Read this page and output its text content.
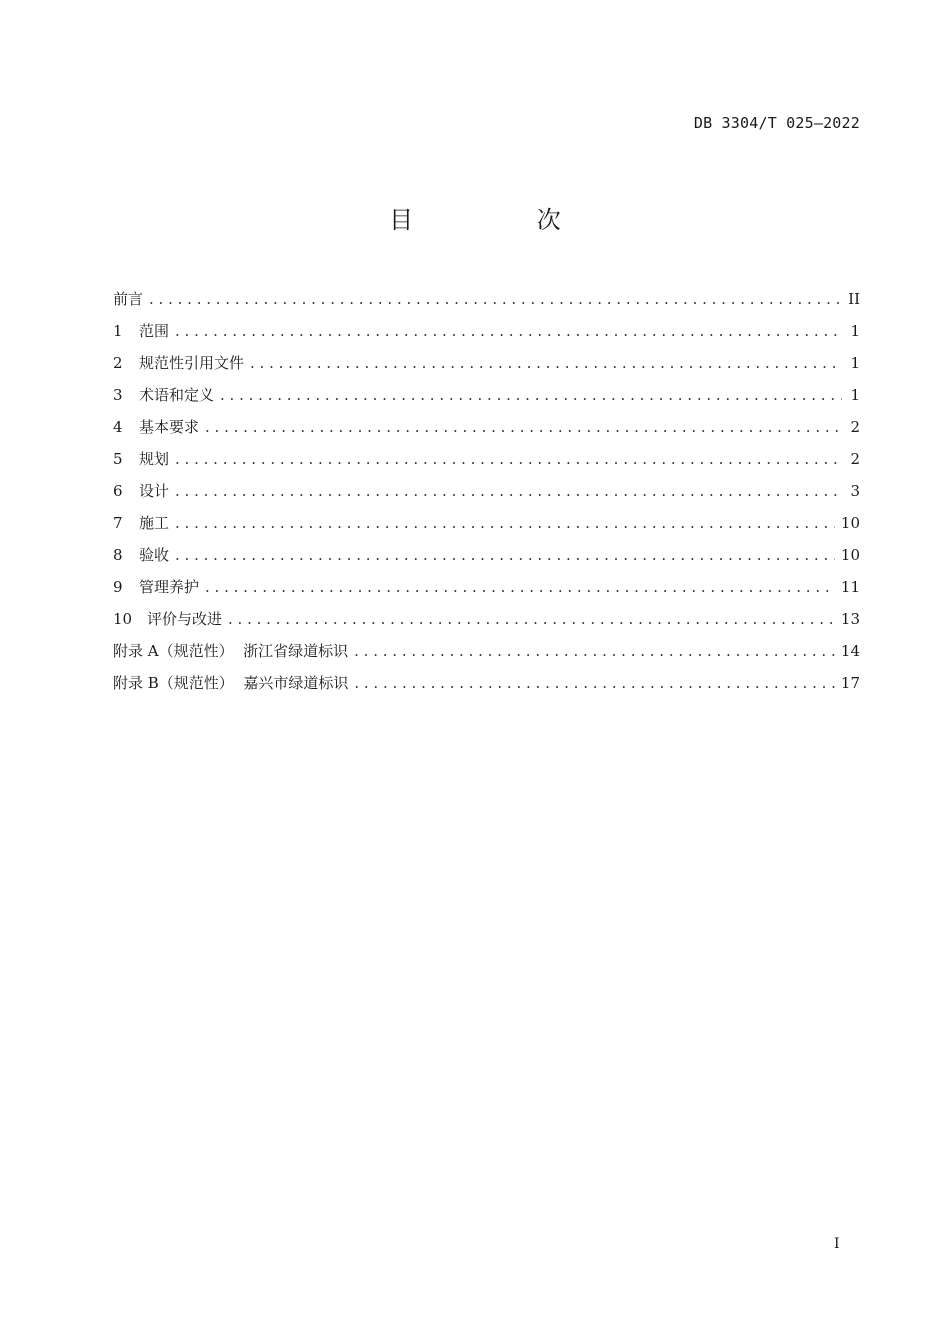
DB 3304/T 025—2022
目 次
前言 . . .	II
1	范围 . . .	1
2	规范性引用文件 . . .	1
3	术语和定义 . . .	1
4	基本要求 . . .	2
5	规划 . . .	2
6	设计 . . .	3
7	施工 . . .	10
8	验收 . . .	10
9	管理养护 . . .	11
10 评价与改进 . . .	13
附录 A（规范性）  浙江省绿道标识 . . .	14
附录 B（规范性）  嘉兴市绿道标识 . . .	17
I
